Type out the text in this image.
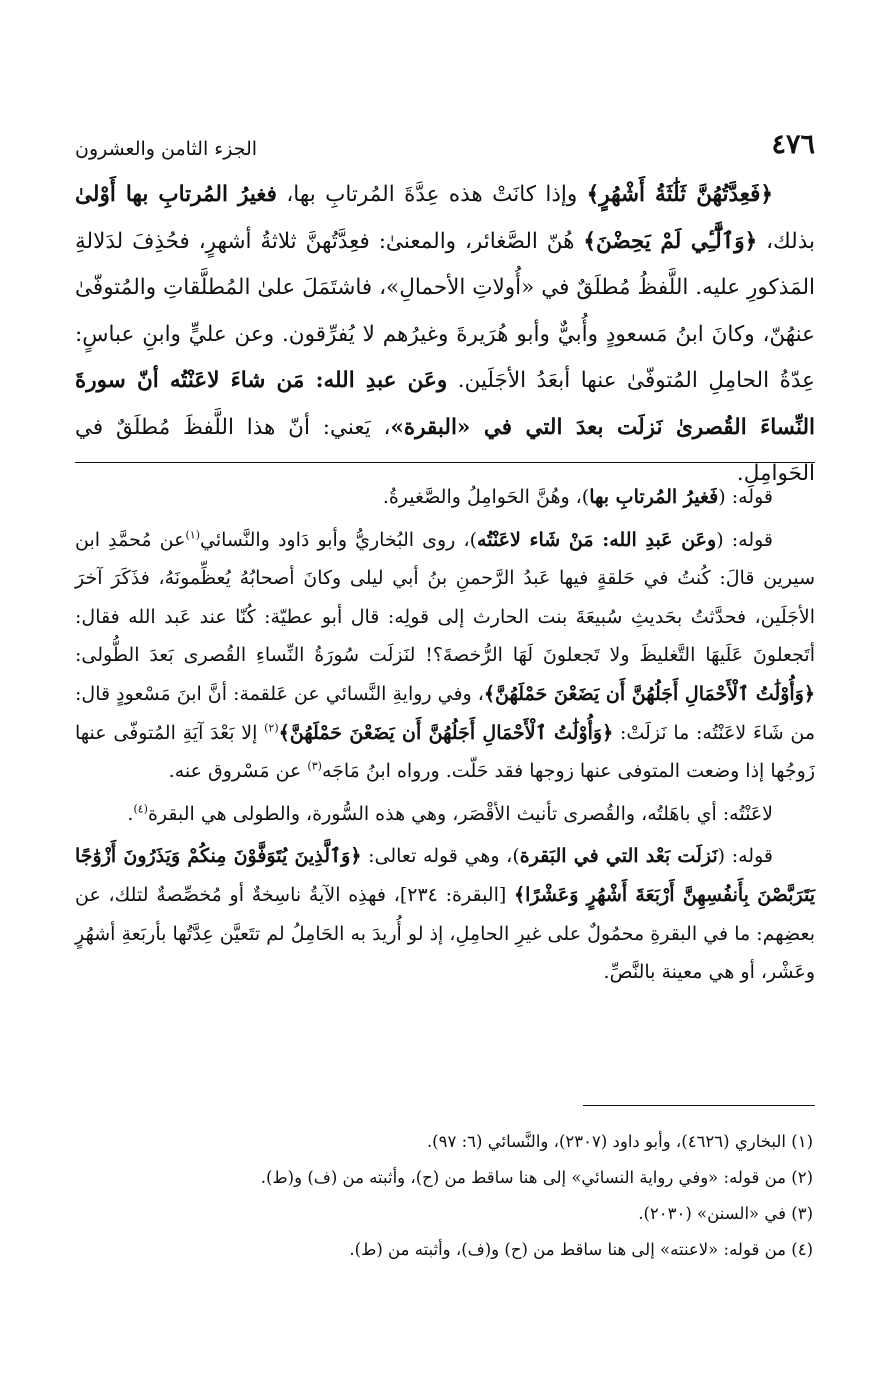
٤٧٦
الجزء الثامن والعشرون

﴿فَعِدَّتُهُنَّ ثَلَٰثَةُ أَشْهُرٍ﴾ وإذا كانَتْ هذه عِدَّةَ المُرتابِ بها، فغيرُ المُرتابِ بها أَوْلىٰ بذلك، ﴿وَٱلَّٰٓـِٔي لَمْ يَحِضْنَ﴾ هُنّ الصَّغائر، والمعنىٰ: فعِدَّتُهنَّ ثلاثةُ أشهرٍ، فحُذِفَ لدَلالةِ المَذكورِ عليه. اللَّفظُ مُطلَقٌ في «أُولاتِ الأحمالِ»، فاشتَمَلَ علىٰ المُطلَّقاتِ والمُتوفّىٰ عنهُنّ، وكانَ ابنُ مَسعودٍ وأُبيٌّ وأبو هُرَيرةَ وغيرُهم لا يُفرِّقون. وعن عليٍّ وابنِ عباسٍ: عِدّةُ الحامِلِ المُتوفّىٰ عنها أبعَدُ الأجَلَين. وعَن عبدِ الله: مَن شاءَ لاعَنْتُه أنّ سورةَ النِّساءَ القُصرىٰ نَزلَت بعدَ التي في «البقرة»، يَعني: أنّ هذا اللَّفظَ مُطلَقٌ في الحَوامِلِ.

قوله: (فَغيرُ المُرتابِ بها)، وهُنَّ الحَوامِلُ والصَّغيرةُ.

قوله: (وعَن عَبدِ الله: مَنْ شَاء لاعَنْتُه)، روى البُخاريُّ وأبو دَاود والنَّسائي$^{(١)}$عن مُحمَّدِ ابن سيرين قالَ: كُنتُ في حَلقةٍ فيها عَبدُ الرَّحمنِ بنُ أبي ليلى وكانَ أصحابُهُ يُعظِّمونَهُ، فذَكَرَ آخرَ الأجَلَين، فحدَّثتُ بحَديثِ سُبيعَةَ بنت الحارث إلى قولِه: قال أبو عطيّة: كُنّا عند عَبد الله فقال: أتَجعلونَ عَلَيهَا التَّغليظَ ولا تَجعلونَ لَهَا الرُّخصةَ؟! لنَزلَت سُورَةُ النِّساءِ القُصرى بَعدَ الطُّولى: ﴿وَأُوْلَٰتُ ٱلْأَحْمَالِ أَجَلُهُنَّ أَن يَضَعْنَ حَمْلَهُنَّ﴾، وفي روايةِ النَّسائي عن عَلقمة: أنَّ ابنَ مَسْعودٍ قال: من شَاءَ لاعَنْتُه: ما نَزلَتْ: ﴿وَأُوْلَٰتُ ٱلْأَحْمَالِ أَجَلُهُنَّ أَن يَضَعْنَ حَمْلَهُنَّ﴾$^{(٢)}$ إلا بَعْدَ آيَةِ المُتوفّى عنها زَوجُها إذا وضعت المتوفى عنها زوجها فقد حَلّت. ورواه ابنُ مَاجَه$^{(٣)}$ عن مَسْروق عنه.

لاعَنْتُه: أي باهَلتُه، والقُصرى تأنيث الأقْصَر، وهي هذه السُّورة، والطولى هي البقرة$^{(٤)}$.

قوله: (نَزلَت بَعْد التي في البَقرة)، وهي قوله تعالى: ﴿وَٱلَّذِينَ يُتَوَفَّوْنَ مِنكُمْ وَيَذَرُونَ أَزْوَٰجًا يَتَرَبَّصْنَ بِأَنفُسِهِنَّ أَرْبَعَةَ أَشْهُرٍ وَعَشْرًا﴾ [البقرة: ٢٣٤]، فهذِه الآيةُ ناسِخةٌ أو مُخصِّصةٌ لتلك، عن بعضِهم: ما في البقرةِ محمُولٌ على غيرِ الحامِلِ، إذ لو أُريدَ به الحَامِلُ لم تتَعيَّن عِدَّتُها بأربَعةِ أشهُرٍ وعَشْر، أو هي معينة بالنَّصِّ.

(١) البخاري (٤٦٢٦)، وأبو داود (٢٣٠٧)، والنَّسائي (٦: ٩٧).

(٢) من قوله: «وفي رواية النسائي» إلى هنا ساقط من (ح)، وأثبته من (ف) و(ط).

(٣) في «السنن» (٢٠٣٠).

(٤) من قوله: «لاعنته» إلى هنا ساقط من (ح) و(ف)، وأثبته من (ط).
